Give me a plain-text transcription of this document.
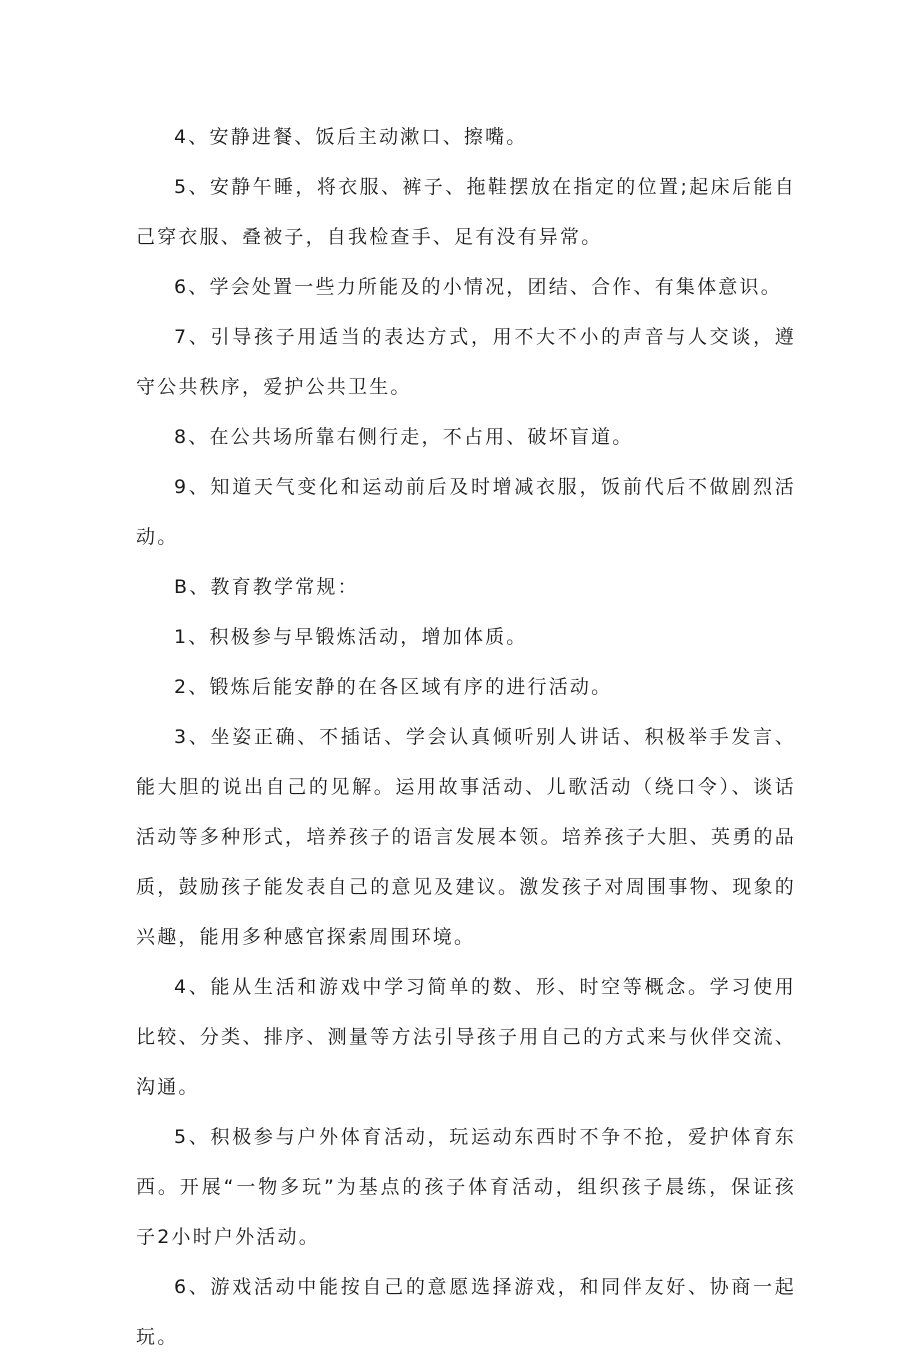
4、安静进餐、饭后主动漱口、擦嘴。

5、安静午睡，将衣服、裤子、拖鞋摆放在指定的位置;起床后能自己穿衣服、叠被子，自我检查手、足有没有异常。

6、学会处置一些力所能及的小情况，团结、合作、有集体意识。

7、引导孩子用适当的表达方式，用不大不小的声音与人交谈，遵守公共秩序，爱护公共卫生。

8、在公共场所靠右侧行走，不占用、破坏盲道。

9、知道天气变化和运动前后及时增减衣服，饭前代后不做剧烈活动。

B、教育教学常规：

1、积极参与早锻炼活动，增加体质。

2、锻炼后能安静的在各区域有序的进行活动。

3、坐姿正确、不插话、学会认真倾听别人讲话、积极举手发言、能大胆的说出自己的见解。运用故事活动、儿歌活动（绕口令）、谈话活动等多种形式，培养孩子的语言发展本领。培养孩子大胆、英勇的品质，鼓励孩子能发表自己的意见及建议。激发孩子对周围事物、现象的兴趣，能用多种感官探索周围环境。

4、能从生活和游戏中学习简单的数、形、时空等概念。学习使用比较、分类、排序、测量等方法引导孩子用自己的方式来与伙伴交流、沟通。

5、积极参与户外体育活动，玩运动东西时不争不抢，爱护体育东西。开展“一物多玩”为基点的孩子体育活动，组织孩子晨练，保证孩子2小时户外活动。

6、游戏活动中能按自己的意愿选择游戏，和同伴友好、协商一起玩。
